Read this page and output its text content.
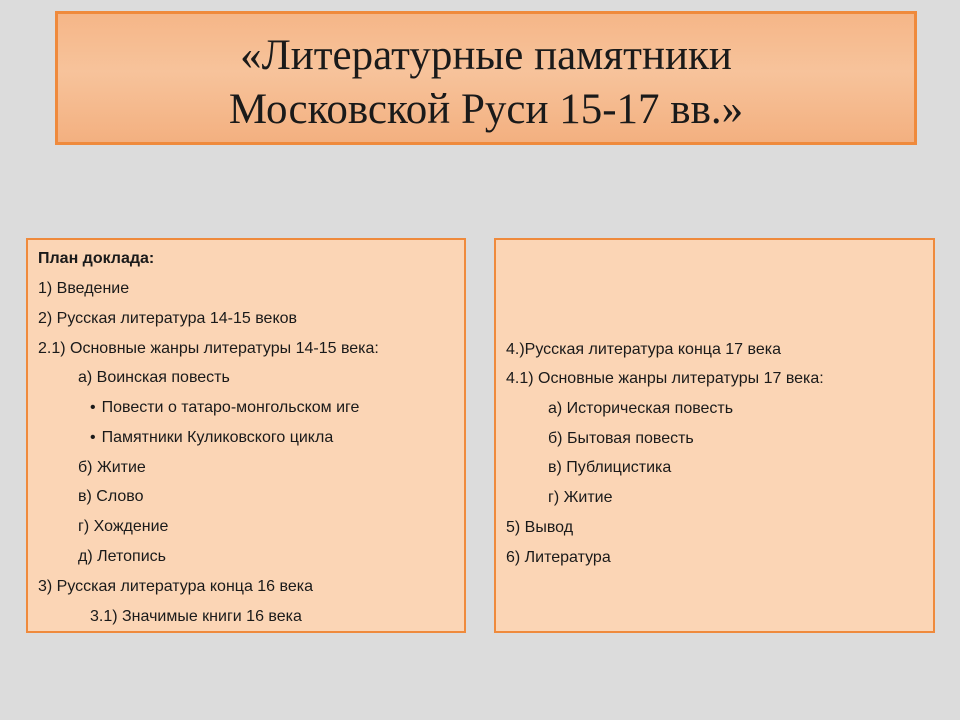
«Литературные памятники
Московской Руси 15-17 вв.»
План доклада:
1) Введение
2) Русская литература 14-15 веков
2.1) Основные жанры литературы 14-15 века:
а) Воинская повесть
• Повести о татаро-монгольском иге
• Памятники Куликовского цикла
б) Житие
в) Слово
г) Хождение
д) Летопись
3) Русская литература конца 16 века
3.1) Значимые книги 16 века
4.)Русская литература конца 17 века
4.1) Основные жанры литературы 17 века:
а) Историческая повесть
б) Бытовая повесть
в) Публицистика
г) Житие
5) Вывод
6) Литература
